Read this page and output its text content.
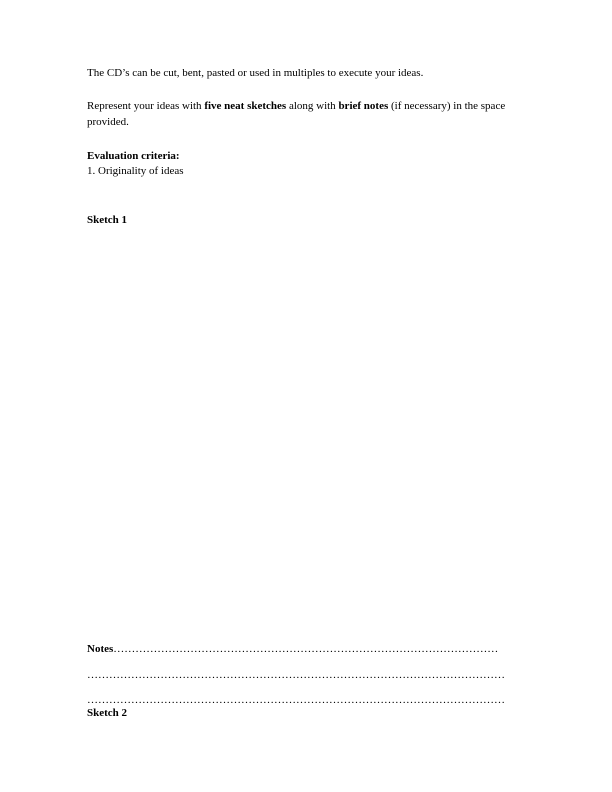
The CD’s can be cut, bent, pasted or used in multiples to execute your ideas.
Represent your ideas with five neat sketches along with brief notes (if necessary) in the space
provided.
Evaluation criteria:
1. Originality of ideas
Sketch 1
Notes……………………………………………………………………………………………
……………………………………………………………………………………………………
……………………………………………………………………………………………………
Sketch 2
